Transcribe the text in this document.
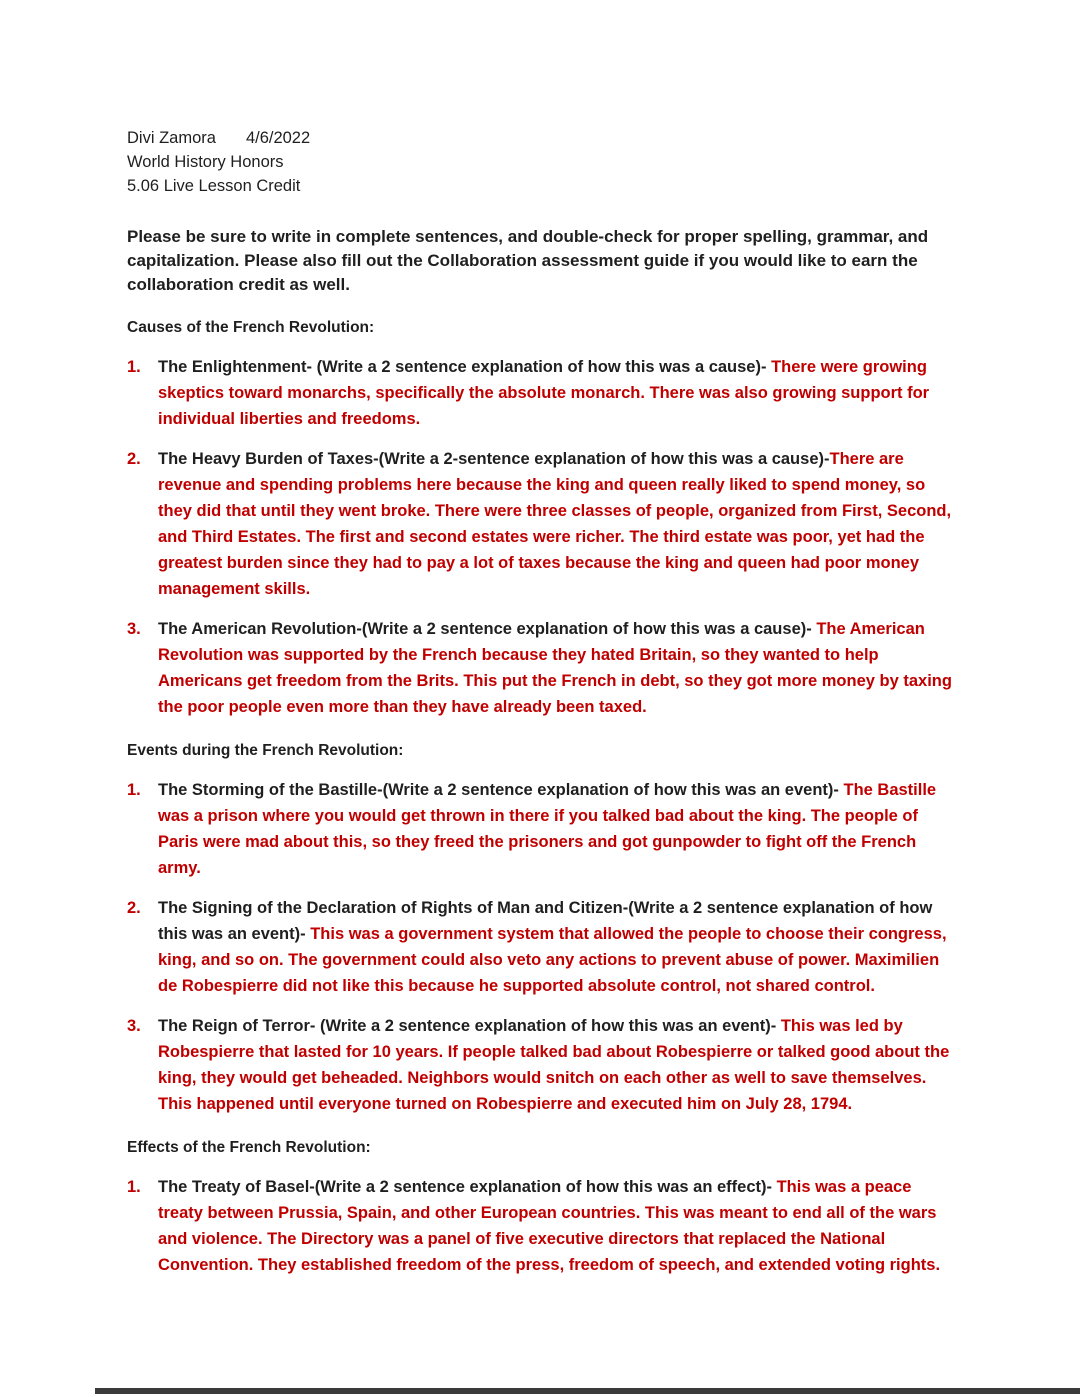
Divi Zamora 4/6/2022
World History Honors
5.06 Live Lesson Credit

Please be sure to write in complete sentences, and double-check for proper spelling, grammar, and capitalization. Please also fill out the Collaboration assessment guide if you would like to earn the collaboration credit as well.

Causes of the French Revolution:
1.	The Enlightenment- (Write a 2 sentence explanation of how this was a cause)- There were growing skeptics toward monarchs, specifically the absolute monarch. There was also growing support for individual liberties and freedoms.
2.	The Heavy Burden of Taxes-(Write a 2-sentence explanation of how this was a cause)-There are revenue and spending problems here because the king and queen really liked to spend money, so they did that until they went broke. There were three classes of people, organized from First, Second, and Third Estates. The first and second estates were richer. The third estate was poor, yet had the greatest burden since they had to pay a lot of taxes because the king and queen had poor money management skills.
3.	The American Revolution-(Write a 2 sentence explanation of how this was a cause)- The American Revolution was supported by the French because they hated Britain, so they wanted to help Americans get freedom from the Brits. This put the French in debt, so they got more money by taxing the poor people even more than they have already been taxed.
Events during the French Revolution:
1.	The Storming of the Bastille-(Write a 2 sentence explanation of how this was an event)- The Bastille was a prison where you would get thrown in there if you talked bad about the king. The people of Paris were mad about this, so they freed the prisoners and got gunpowder to fight off the French army.
2.	The Signing of the Declaration of Rights of Man and Citizen-(Write a 2 sentence explanation of how this was an event)- This was a government system that allowed the people to choose their congress, king, and so on. The government could also veto any actions to prevent abuse of power. Maximilien de Robespierre did not like this because he supported absolute control, not shared control.
3.	The Reign of Terror- (Write a 2 sentence explanation of how this was an event)- This was led by Robespierre that lasted for 10 years. If people talked bad about Robespierre or talked good about the king, they would get beheaded. Neighbors would snitch on each other as well to save themselves. This happened until everyone turned on Robespierre and executed him on July 28, 1794.
Effects of the French Revolution:
1.	The Treaty of Basel-(Write a 2 sentence explanation of how this was an effect)- This was a peace treaty between Prussia, Spain, and other European countries. This was meant to end all of the wars and violence. The Directory was a panel of five executive directors that replaced the National Convention. They established freedom of the press, freedom of speech, and extended voting rights.
